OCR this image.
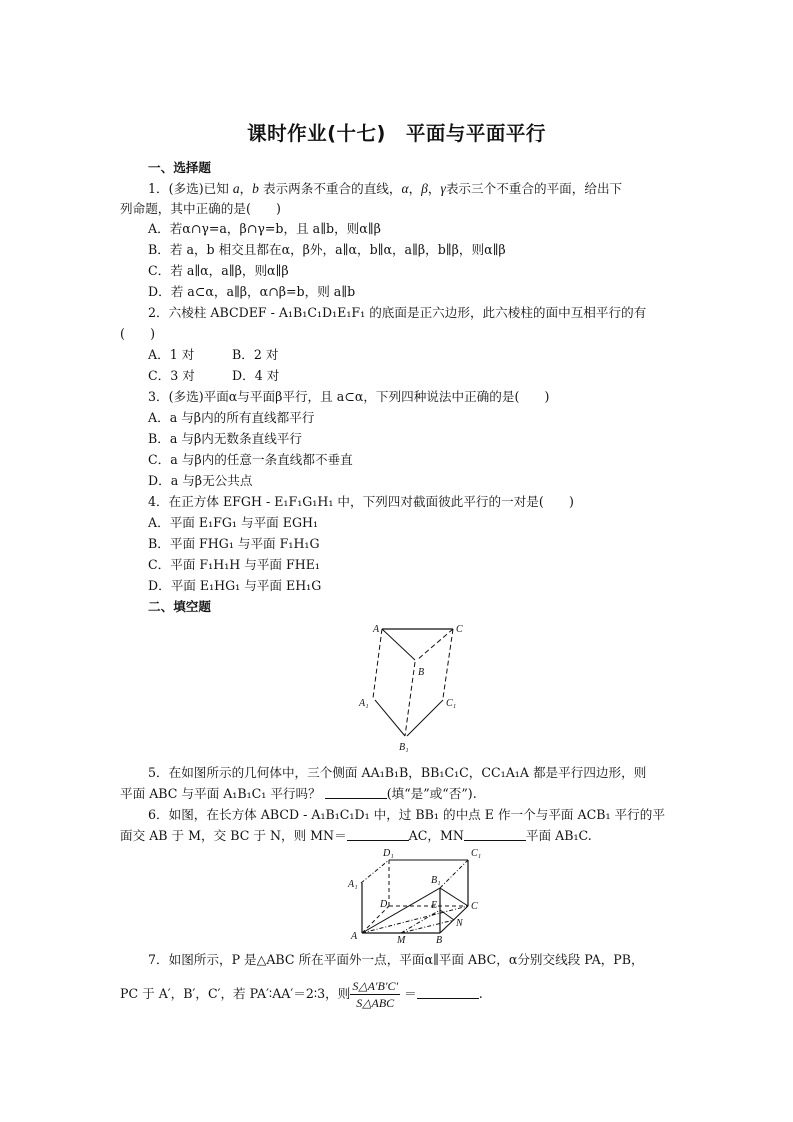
课时作业(十七)　平面与平面平行
一、选择题
1．(多选)已知 a，b 表示两条不重合的直线，α，β，γ表示三个不重合的平面，给出下
列命题，其中正确的是(　　)
A．若α∩γ=a，β∩γ=b，且 a∥b，则α∥β
B．若 a，b 相交且都在α，β外，a∥α，b∥α，a∥β，b∥β，则α∥β
C．若 a∥α，a∥β，则α∥β
D．若 a⊂α，a∥β，α∩β=b，则 a∥b
2．六棱柱 ABCDEF - A₁B₁C₁D₁E₁F₁ 的底面是正六边形，此六棱柱的面中互相平行的有
(　　)
A．1 对	B．2 对
C．3 对	D．4 对
3．(多选)平面α与平面β平行，且 a⊂α，下列四种说法中正确的是(　　)
A．a 与β内的所有直线都平行
B．a 与β内无数条直线平行
C．a 与β内的任意一条直线都不垂直
D．a 与β无公共点
4．在正方体 EFGH - E₁F₁G₁H₁ 中，下列四对截面彼此平行的一对是(　　)
A．平面 E₁FG₁ 与平面 EGH₁
B．平面 FHG₁ 与平面 F₁H₁G
C．平面 F₁H₁H 与平面 FHE₁
D．平面 E₁HG₁ 与平面 EH₁G
二、填空题
A	C
B
A₁	C₁
B₁
5．在如图所示的几何体中，三个侧面 AA₁B₁B，BB₁C₁C，CC₁A₁A 都是平行四边形，则
平面 ABC 与平面 A₁B₁C₁ 平行吗？	(填“是”或“否”).
6．如图，在长方体 ABCD - A₁B₁C₁D₁ 中，过 BB₁ 的中点 E 作一个与平面 ACB₁ 平行的平
面交 AB 于 M，交 BC 于 N，则 MN＝	AC，MN	平面 AB₁C.
D₁	C₁
A₁	B₁
D	E	C
N
A	M	B
7．如图所示，P 是△ABC 所在平面外一点，平面α∥平面 ABC，α分别交线段 PA，PB，
PC 于 A′，B′，C′，若 PA′∶AA′＝2∶3，则 $\frac{S\triangle A'B'C'}{\text{S△ABC}}$ ＝	.
